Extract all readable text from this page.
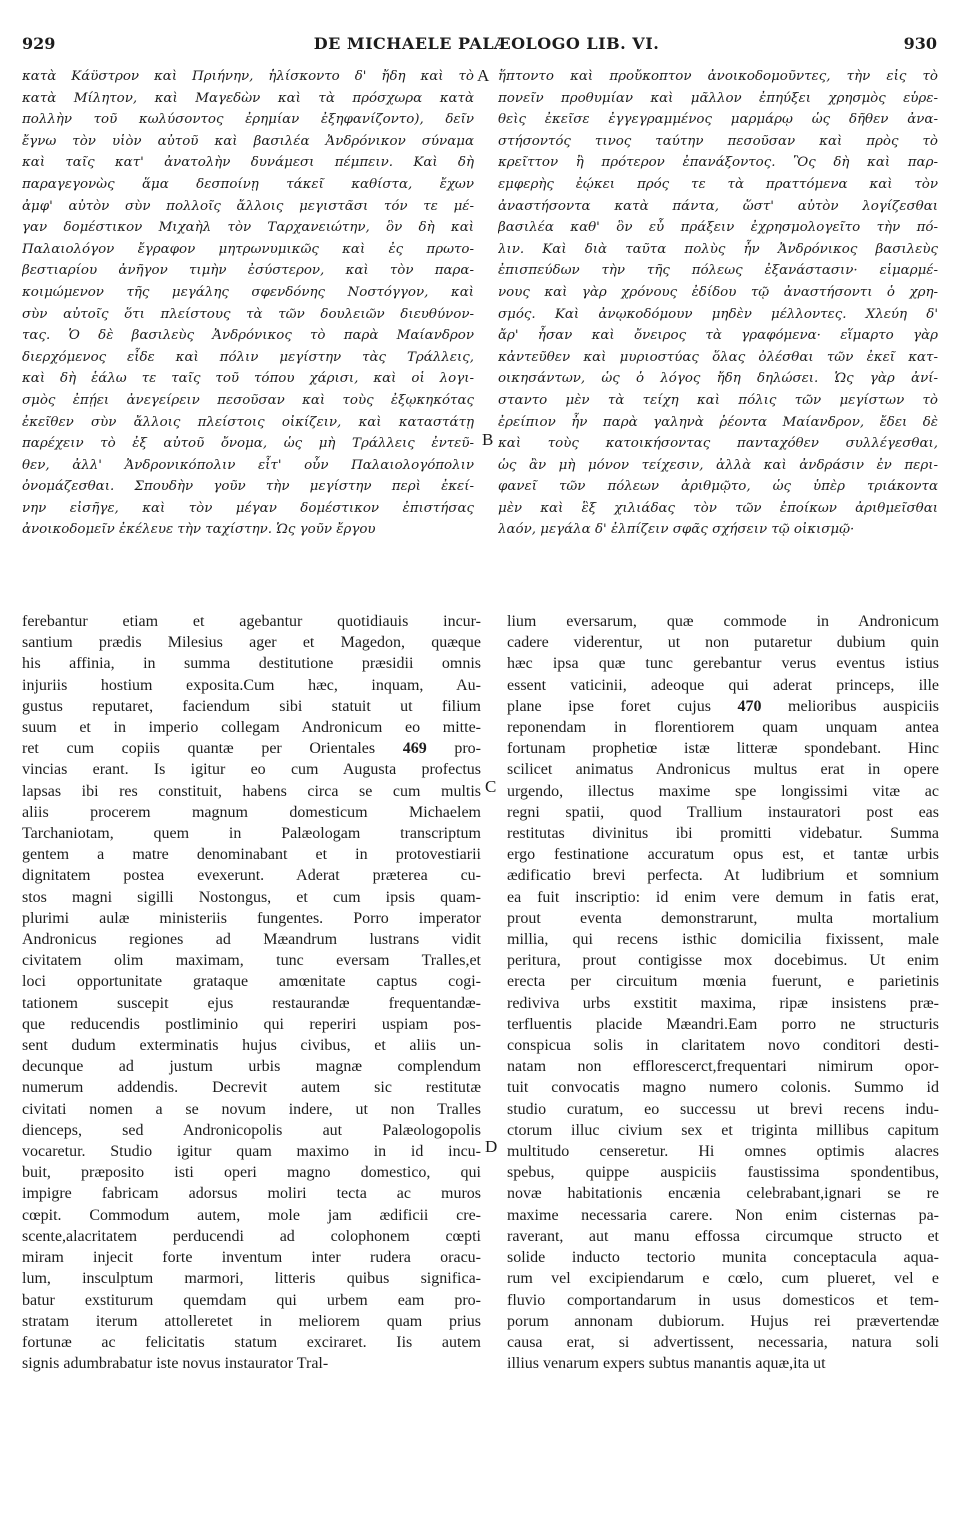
929	DE MICHAELE PALÆOLOGO LIB. VI.	930
κατὰ Κάϋστρον καὶ Πριήνην, ἡλίσκοντο δ' ἤδη καὶ τὸ
κατὰ Μίλητον, καὶ Μαγεδὼν καὶ τὰ πρόσχωρα κατὰ
πολλὴν τοῦ κωλύσοντος ἐρημίαν ἐξηφανίζοντο), δεῖν
ἔγνω τὸν υἱὸν αὐτοῦ καὶ βασιλέα Ἀνδρόνικον σύναμα
καὶ ταῖς κατ' ἀνατολὴν δυνάμεσι πέμπειν. Καὶ δὴ
παραγεγονὼς ἅμα δεσποίνῃ τάκεῖ καθίστα, ἔχων
ἀμφ' αὐτὸν σὺν πολλοῖς ἄλλοις μεγιστᾶσι τόν τε μέ-
γαν δομέστικον Μιχαὴλ τὸν Ταρχανειώτην, ὃν δὴ καὶ
Παλαιολόγον ἔγραφον μητρωνυμικῶς καὶ ἐς πρωτο-
βεστιαρίου ἀνῆγον τιμὴν ἐσύστερον, καὶ τὸν παρα-
κοιμώμενον τῆς μεγάλης σφενδόνης Νοστόγγον, καὶ
σὺν αὐτοῖς ὅτι πλείστους τὰ τῶν δουλειῶν διευθύνον-
τας. Ὁ δὲ βασιλεὺς Ἀνδρόνικος τὸ παρὰ Μαίανδρον
διερχόμενος εἶδε καὶ πόλιν μεγίστην τὰς Τράλλεις,
καὶ δὴ ἑάλω τε ταῖς τοῦ τόπου χάρισι, καὶ οἱ λογι-
σμὸς ἐπῄει ἀνεγείρειν πεσοῦσαν καὶ τοὺς ἐξῳκηκότας
ἐκεῖθεν σὺν ἄλλοις πλείστοις οἰκίζειν, καὶ καταστάτῃ
παρέχειν τὸ ἐξ αὐτοῦ ὄνομα, ὡς μὴ Τράλλεις ἐντεῦ-
θεν, ἀλλ' Ἀνδρονικόπολιν εἶτ' οὖν Παλαιολογόπολιν
ὀνομάζεσθαι. Σπουδὴν γοῦν τὴν μεγίστην περὶ ἐκεί-
νην εἰσῆγε, καὶ τὸν μέγαν δομέστικον ἐπιστήσας
ἀνοικοδομεῖν ἐκέλευε τὴν ταχίστην. Ὡς γοῦν ἔργου
ἥπτοντο καὶ προὔκοπτον ἀνοικοδομοῦντες, τὴν εἰς τὸ
πονεῖν προθυμίαν καὶ μᾶλλον ἐπηύξει χρησμὸς εὑρε-
θεὶς ἐκεῖσε ἐγγεγραμμένος μαρμάρῳ ὡς δῆθεν ἀνα-
στήσοντός τινος ταύτην πεσοῦσαν καὶ πρὸς τὸ
κρεῖττον ἢ πρότερον ἐπανάξοντος. Ὃς δὴ καὶ παρ-
εμφερὴς ἐῴκει πρός τε τὰ πραττόμενα καὶ τὸν
ἀναστήσοντα κατὰ πάντα, ὥστ' αὐτὸν λογίζεσθαι
βασιλέα καθ' ὃν εὖ πράξειν ἐχρησμολογεῖτο τὴν πό-
λιν. Καὶ διὰ ταῦτα πολὺς ἦν Ἀνδρόνικος βασιλεὺς
ἐπισπεύδων τὴν τῆς πόλεως ἐξανάστασιν· εἱμαρμέ-
νους καὶ γὰρ χρόνους ἐδίδου τῷ ἀναστήσοντι ὁ χρη-
σμός. Καὶ ἀνῳκοδόμουν μηδὲν μέλλοντες. Χλεύη δ'
ἄρ' ἦσαν καὶ ὄνειρος τὰ γραφόμενα· εἵμαρτο γὰρ
κἀντεῦθεν καὶ μυριοστύας ὅλας ὀλέσθαι τῶν ἐκεῖ κατ-
οικησάντων, ὡς ὁ λόγος ἤδη δηλώσει. Ὡς γὰρ ἀνί-
σταντο μὲν τὰ τείχη καὶ πόλις τῶν μεγίστων τὸ
ἐρείπιον ἦν παρὰ γαληνὰ ῥέοντα Μαίανδρον, ἔδει δὲ
καὶ τοὺς κατοικήσοντας πανταχόθεν συλλέγεσθαι,
ὡς ἂν μὴ μόνον τείχεσιν, ἀλλὰ καὶ ἀνδράσιν ἐν περι-
φανεῖ τῶν πόλεων ἀριθμῷτο, ὡς ὑπὲρ τριάκοντα
μὲν καὶ ἓξ χιλιάδας τὸν τῶν ἐποίκων ἀριθμεῖσθαι
λαόν, μεγάλα δ' ἐλπίζειν σφᾶς σχήσειν τῷ οἰκισμῷ·
ferebantur etiam et agebantur quotidiauis incur-
santium prædis Milesius ager et Magedon, quæque
his affinia, in summa destitutione præsidii omnis
injuriis hostium exposita.Cum hæc, inquam, Au-
gustus reputaret, faciendum sibi statuit ut filium
suum et in imperio collegam Andronicum eo mitte-
ret cum copiis quantæ per Orientales 469 pro-
vincias erant. Is igitur eo cum Augusta profectus
lapsas ibi res constituit, habens circa se cum multis
aliis procerem magnum domesticum Michaelem
Tarchaniotam, quem in Palæologam transcriptum
gentem a matre denominabant et in protovestiarii
dignitatem postea evexerunt. Aderat præterea cu-
stos magni sigilli Nostongus, et cum ipsis quam-
plurimi aulæ ministeriis fungentes. Porro imperator
Andronicus regiones ad Mæandrum lustrans vidit
civitatem olim maximam, tunc eversam Tralles,et
loci opportunitate grataque amœnitate captus cogi-
tationem suscepit ejus restaurandæ frequentandæ-
que reducendis postliminio qui reperiri uspiam pos-
sent dudum exterminatis hujus civibus, et aliis un-
decunque ad justum urbis magnæ complendum
numerum addendis. Decrevit autem sic restitutæ
civitati nomen a se novum indere, ut non Tralles
dienceps, sed Andronicopolis aut Palæologopolis
vocaretur. Studio igitur quam maximo in id incu-
buit, præposito isti operi magno domestico, qui
impigre fabricam adorsus moliri tecta ac muros
cœpit. Commodum autem, mole jam ædificii cre-
scente,alacritatem perducendi ad colophonem cœpti
miram injecit forte inventum inter rudera oracu-
lum, insculptum marmori, litteris quibus significa-
batur exstiturum quemdam qui urbem eam pro-
stratam iterum attolleretet in meliorem quam prius
fortunæ ac felicitatis statum exciraret. Iis autem
signis adumbrabatur iste novus instaurator Tral-
lium eversarum, quæ commode in Andronicum
cadere viderentur, ut non putaretur dubium quin
hæc ipsa quæ tunc gerebantur verus eventus istius
essent vaticinii, adeoque qui aderat princeps, ille
plane ipse foret cujus 470 melioribus auspiciis
reponendam in florentiorem quam unquam antea
fortunam prophetiœ istæ litteræ spondebant. Hinc
scilicet animatus Andronicus multus erat in opere
urgendo, illectus maxime spe longissimi vitæ ac
regni spatii, quod Trallium instauratori post eas
restitutas divinitus ibi promitti videbatur. Summa
ergo festinatione accuratum opus est, et tantæ urbis
ædificatio brevi perfecta. At ludibrium et somnium
ea fuit inscriptio: id enim vere demum in fatis erat,
prout eventa demonstrarunt, multa mortalium
millia, qui recens isthic domicilia fixissent, male
peritura, prout contigisse mox docebimus. Ut enim
erecta per circuitum mœnia fuerunt, e parietinis
rediviva urbs exstitit maxima, ripæ insistens præ-
terfluentis placide Mæandri.Eam porro ne structuris
conspicua solis in claritatem novo conditori desti-
natam non efflorescerct,frequentari nimirum opor-
tuit convocatis magno numero colonis. Summo id
studio curatum, eo successu ut brevi recens indu-
ctorum illuc civium sex et triginta millibus capitum
multitudo censeretur. Hi omnes optimis alacres
spebus, quippe auspiciis faustissima spondentibus,
novæ habitationis encænia celebrabant,ignari se re
maxime necessaria carere. Non enim cisternas pa-
raverant, aut manu effossa circumque structo et
solide inducto tectorio munita conceptacula aqua-
rum vel excipiendarum e cœlo, cum plueret, vel e
fluvio comportandarum in usus domesticos et tem-
porum annonam dubiorum. Hujus rei prævertendæ
causa erat, si advertissent, necessaria, natura soli
illius venarum expers subtus manantis aquæ,ita ut
A
B
C
D
